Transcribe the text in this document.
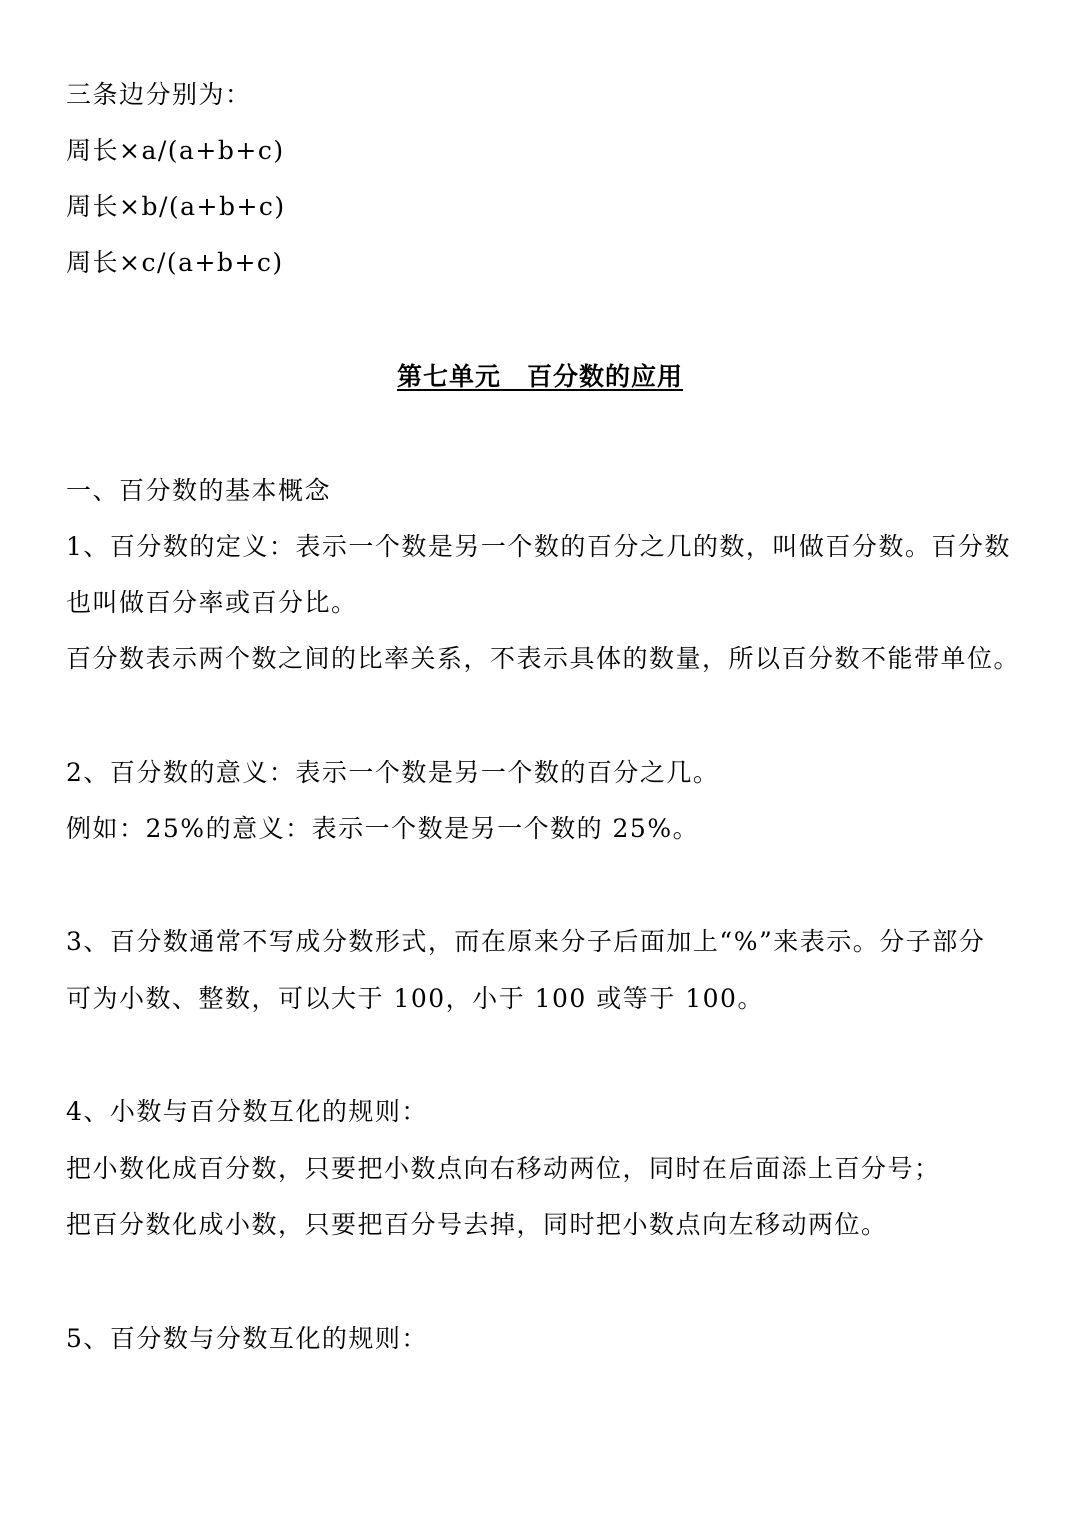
三条边分别为：
周长×a/(a+b+c)
周长×b/(a+b+c)
周长×c/(a+b+c)
第七单元　百分数的应用
一、百分数的基本概念
1、百分数的定义：表示一个数是另一个数的百分之几的数，叫做百分数。百分数
也叫做百分率或百分比。
百分数表示两个数之间的比率关系，不表示具体的数量，所以百分数不能带单位。
2、百分数的意义：表示一个数是另一个数的百分之几。
例如：25%的意义：表示一个数是另一个数的 25%。
3、百分数通常不写成分数形式，而在原来分子后面加上“%”来表示。分子部分
可为小数、整数，可以大于 100，小于 100 或等于 100。
4、小数与百分数互化的规则：
把小数化成百分数，只要把小数点向右移动两位，同时在后面添上百分号；
把百分数化成小数，只要把百分号去掉，同时把小数点向左移动两位。
5、百分数与分数互化的规则：
